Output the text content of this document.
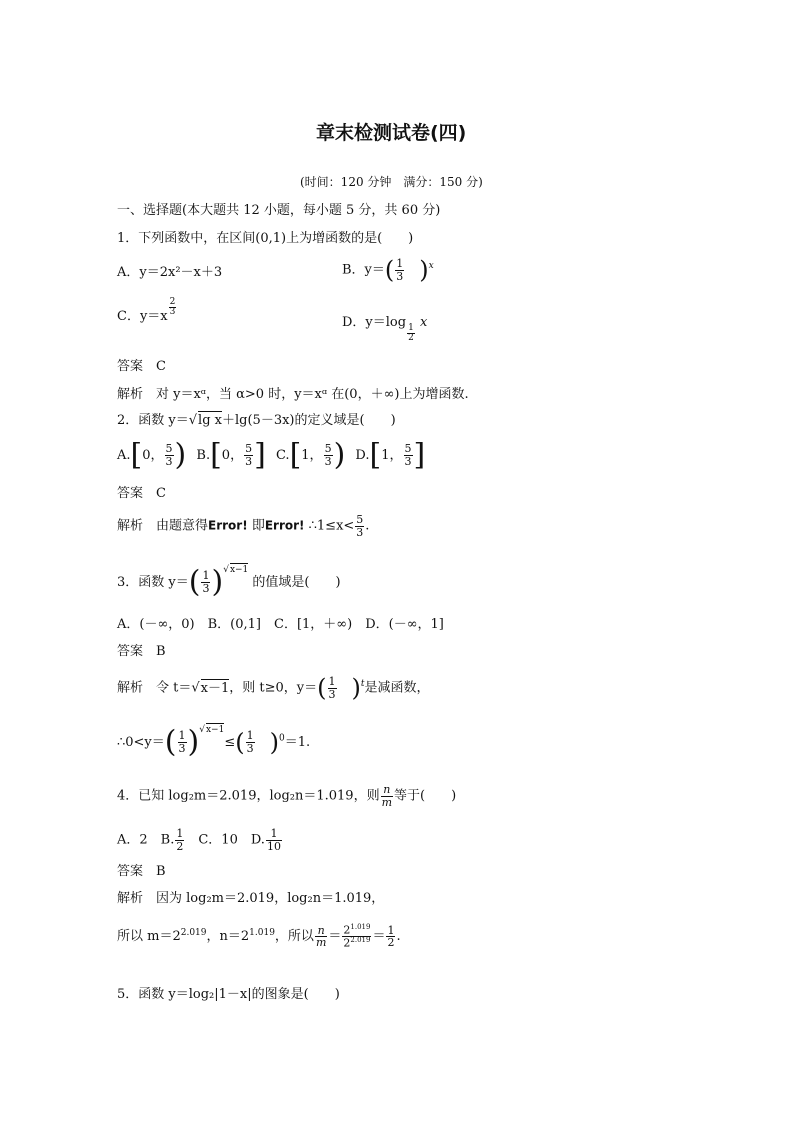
章末检测试卷(四)
(时间：120 分钟　满分：150 分)
一、选择题(本大题共 12 小题，每小题 5 分，共 60 分)
1．下列函数中，在区间(0,1)上为增函数的是(　　)
A．y＝2x²－x＋3	B．$y=( \frac{1}{3} )^x$
C．$y=x \frac{2}{3}$
D．y＝log
$\frac{1}{2}$
x
答案　C
解析　对 y＝xᵅ，当 α>0 时，y＝xᵅ 在(0，＋∞)上为增函数.
2．函数 y＝√lg x＋lg(5－3x)的定义域是(　　)
A.[0， $\frac{5}{3}$ ) B.[0， $\frac{5}{3}$ ] C.[1， $\frac{5}{3}$ ) D.[1， $\frac{5}{3}$ ]
答案　C
解析　由题意得Error! 即Error! ∴1≤x< $\frac{5}{3}$ .
3．函数 $y=( \frac{1}{3} )^{√x-1}$ 的值域是(　　)
A．(－∞，0)　B．(0,1]　C．[1，＋∞)　D．(－∞，1]
答案　B
解析　令 t＝√x－1，则 t≥0，$y=( \frac{1}{3} )^t$是减函数，
∴0<y＝( $\frac{1}{3} )^{√x-1}\le( \frac{1}{3} )^0=1$.
4．已知 log₂m＝2.019，log₂n＝1.019，则 $\frac{n}{m}$ 等于(　　)
A．2　B. $\frac{1}{2}$ 　C．10　D. $\frac{1}{10}$
答案　B
解析　因为 log₂m＝2.019，log₂n＝1.019，
所以 $m=2^{2.019}$，$n=2^{1.019}$，所以 $\frac{n}{m} = \frac{2^{1.019}}{2^{2.019}} = \frac{1}{2}$ .
5．函数 y＝log₂|1－x|的图象是(　　)
